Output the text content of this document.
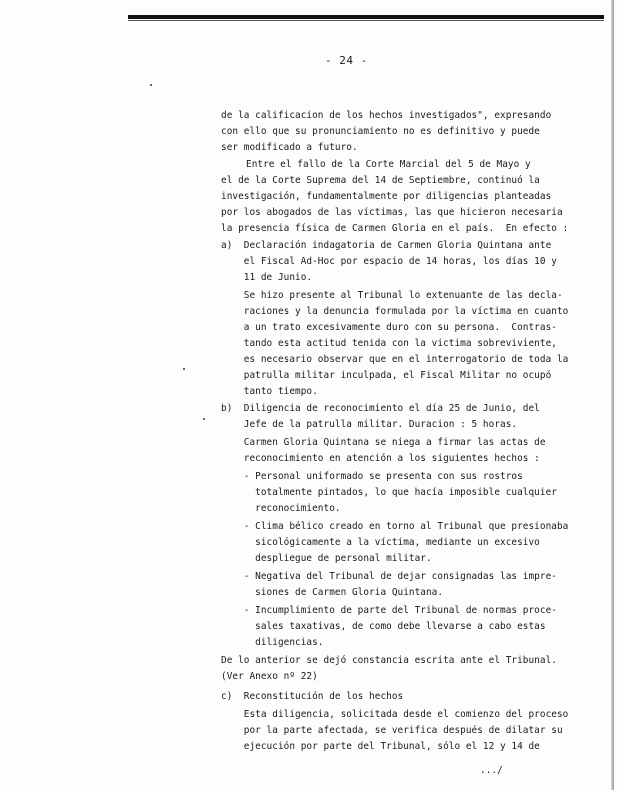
- 24 -
de la calificacion de los hechos investigados", expresando
con ello que su pronunciamiento no es definitivo y puede
ser modificado a futuro.
Entre el fallo de la Corte Marcial del 5 de Mayo y
el de la Corte Suprema del 14 de Septiembre, continuó la
investigación, fundamentalmente por diligencias planteadas
por los abogados de las víctimas, las que hicieron necesaria
la presencia física de Carmen Gloria en el país.  En efecto :
a)  Declaración indagatoria de Carmen Gloria Quintana ante
el Fiscal Ad-Hoc por espacio de 14 horas, los días 10 y
11 de Junio.
Se hizo presente al Tribunal lo extenuante de las decla-
raciones y la denuncia formulada por la víctima en cuanto
a un trato excesivamente duro con su persona.  Contras-
tando esta actitud tenida con la victima sobreviviente,
es necesario observar que en el interrogatorio de toda la
patrulla militar inculpada, el Fiscal Militar no ocupó
tanto tiempo.
b)  Diligencia de reconocimiento el día 25 de Junio, del
Jefe de la patrulla militar. Duracion : 5 horas.
Carmen Gloria Quintana se niega a firmar las actas de
reconocimiento en atención a los siguientes hechos :
- Personal uniformado se presenta con sus rostros
totalmente pintados, lo que hacía imposible cualquier
reconocimiento.
- Clima bélico creado en torno al Tribunal que presionaba
sicológicamente a la víctima, mediante un excesivo
despliegue de personal militar.
- Negativa del Tribunal de dejar consignadas las impre-
siones de Carmen Gloria Quintana.
- Incumplimiento de parte del Tribunal de normas proce-
sales taxativas, de como debe llevarse a cabo estas
diligencias.
De lo anterior se dejó constancia escrita ante el Tribunal.
(Ver Anexo nº 22)
c)  Reconstitución de los hechos
Esta diligencia, solicitada desde el comienzo del proceso
por la parte afectada, se verifica después de dilatar su
ejecución por parte del Tribunal, sólo el 12 y 14 de
.../
